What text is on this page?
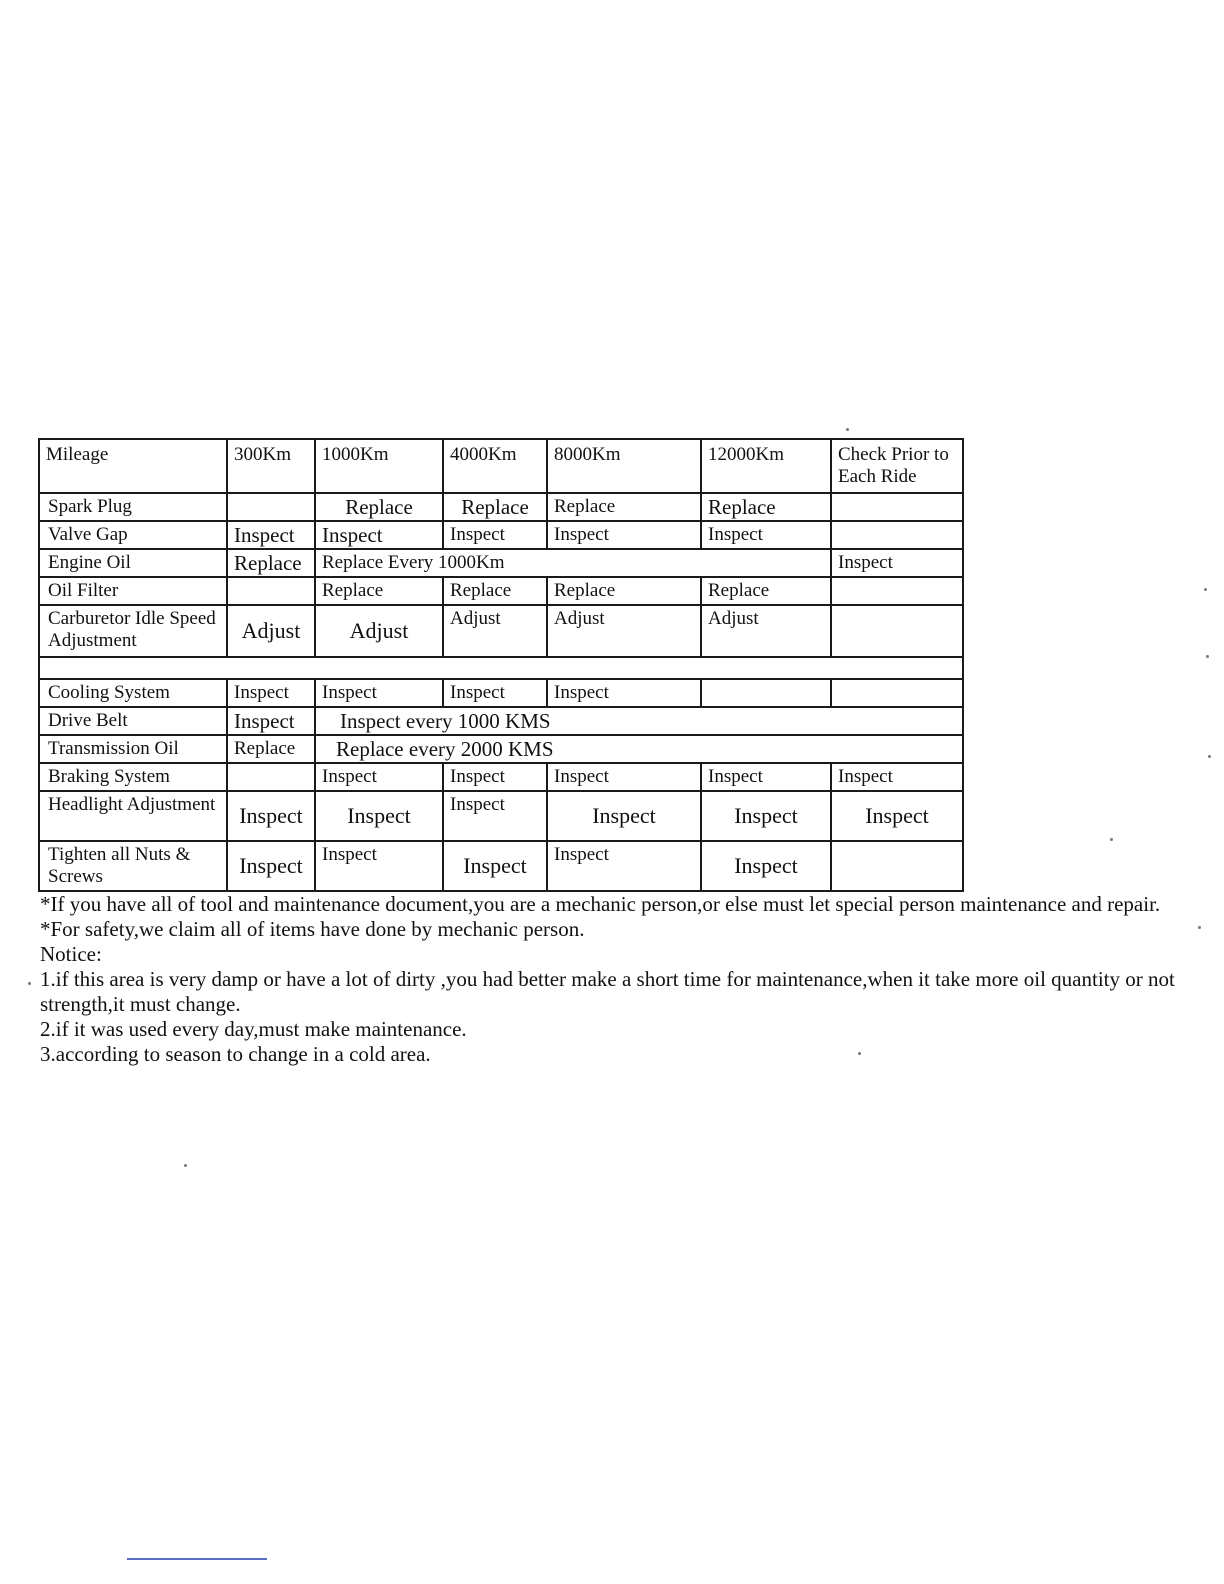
Mileage	300Km	1000Km	4000Km	8000Km	12000Km	Check Prior to Each Ride
Spark Plug		Replace	Replace	Replace	Replace	
Valve Gap	Inspect	Inspect	Inspect	Inspect	Inspect	
Engine Oil	Replace	Replace Every 1000Km				Inspect
Oil Filter		Replace	Replace	Replace	Replace	
Carburetor Idle Speed Adjustment	Adjust	Adjust	Adjust	Adjust	Adjust	

Cooling System	Inspect	Inspect	Inspect	Inspect		
Drive Belt	Inspect	Inspect every 1000 KMS				
Transmission Oil	Replace	Replace every 2000 KMS				
Braking System		Inspect	Inspect	Inspect	Inspect	Inspect
Headlight Adjustment	Inspect	Inspect	Inspect	Inspect	Inspect	Inspect
Tighten all Nuts & Screws	Inspect	Inspect	Inspect	Inspect	Inspect	

*If you have all of tool and maintenance document,you are a mechanic person,or else must let special person maintenance and repair.

*For safety,we claim all of items have done by mechanic person.

Notice:

1.if this area is very damp or have a lot of dirty ,you had better make a short time for maintenance,when it take more oil quantity or not strength,it must change.

2.if it was used every day,must make maintenance.

3.according to season to change in a cold area.
